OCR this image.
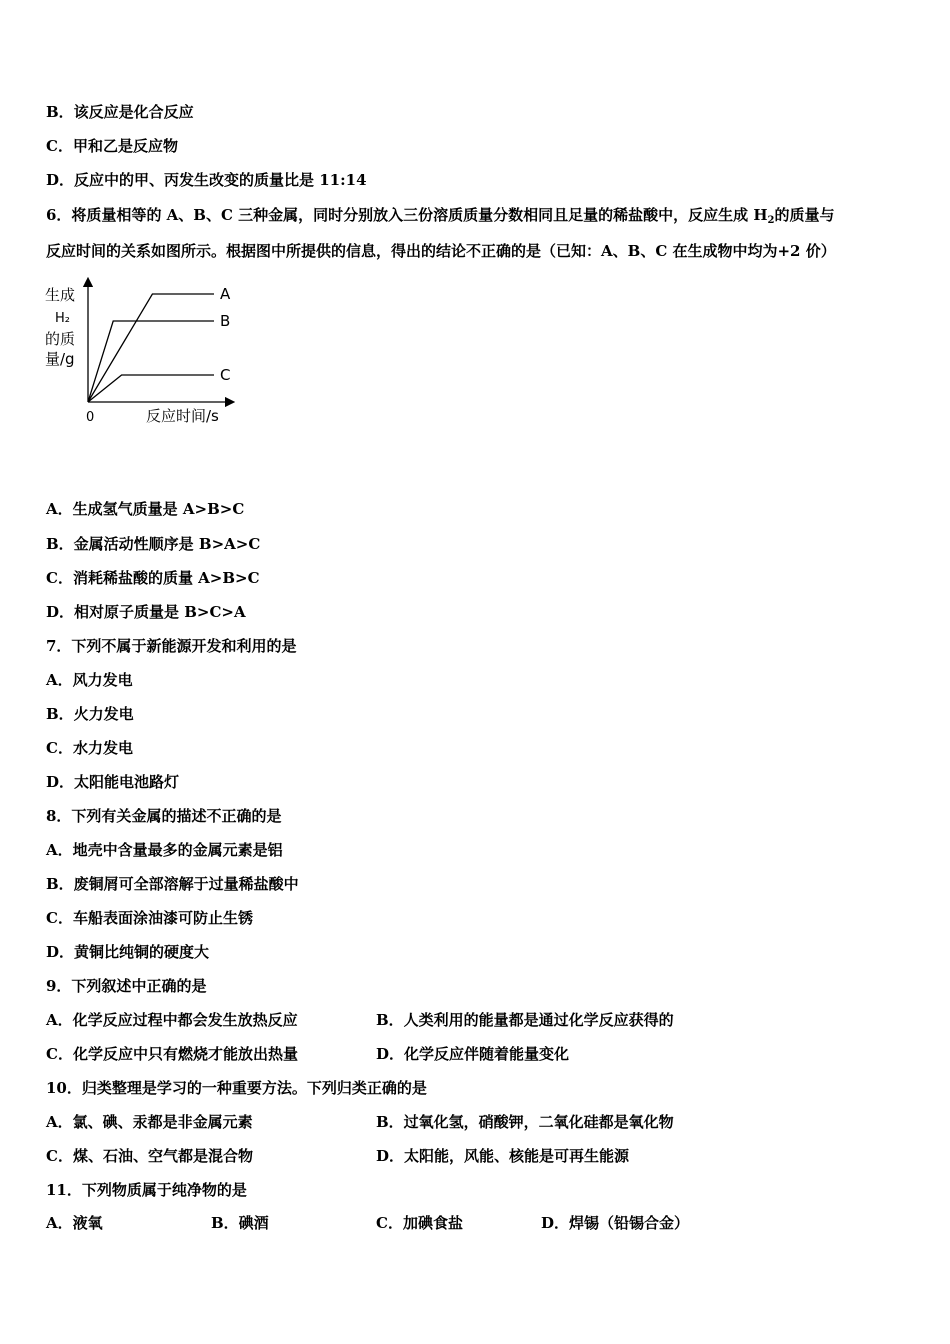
B．该反应是化合反应
C．甲和乙是反应物
D．反应中的甲、丙发生改变的质量比是 11:14
6．将质量相等的 A、B、C 三种金属，同时分别放入三份溶质质量分数相同且足量的稀盐酸中，反应生成 $H_2$的质量与
反应时间的关系如图所示。根据图中所提供的信息，得出的结论不正确的是（已知：A、B、C 在生成物中均为+2 价）
生成
H₂
的质
量/g
0	反应时间/s
A
B
C
A．生成氢气质量是 A>B>C
B．金属活动性顺序是 B>A>C
C．消耗稀盐酸的质量 A>B>C
D．相对原子质量是 B>C>A
7．下列不属于新能源开发和利用的是
A．风力发电
B．火力发电
C．水力发电
D．太阳能电池路灯
8．下列有关金属的描述不正确的是
A．地壳中含量最多的金属元素是铝
B．废铜屑可全部溶解于过量稀盐酸中
C．车船表面涂油漆可防止生锈
D．黄铜比纯铜的硬度大
9．下列叙述中正确的是
A．化学反应过程中都会发生放热反应	B．人类利用的能量都是通过化学反应获得的
C．化学反应中只有燃烧才能放出热量	D．化学反应伴随着能量变化
10．归类整理是学习的一种重要方法。下列归类正确的是
A．氯、碘、汞都是非金属元素	B．过氧化氢，硝酸钾，二氧化硅都是氧化物
C．煤、石油、空气都是混合物	D．太阳能，风能、核能是可再生能源
11．下列物质属于纯净物的是
A．液氧	B．碘酒	C．加碘食盐	D．焊锡（铅锡合金）
